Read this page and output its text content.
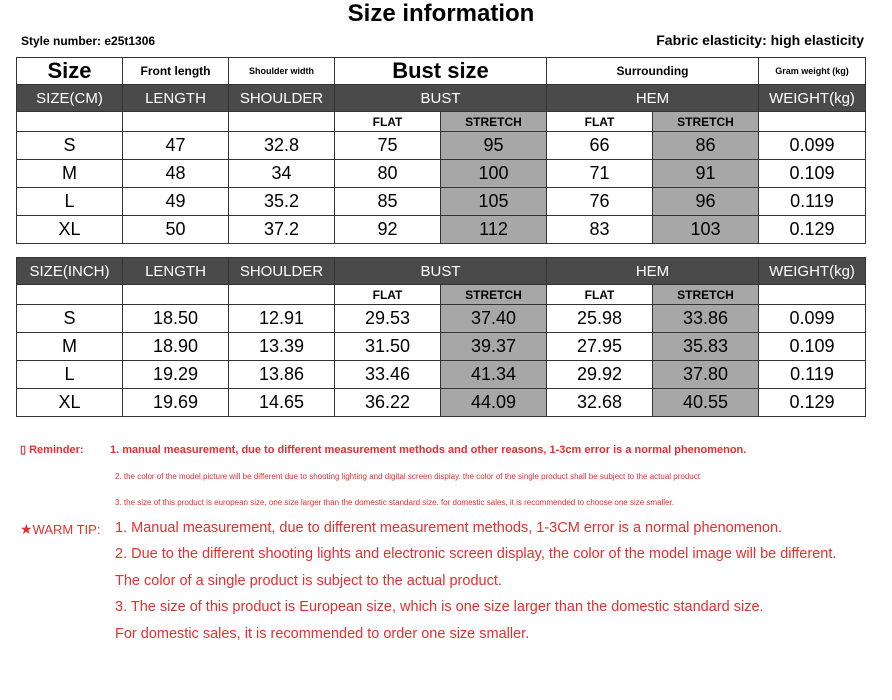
Size information
Style number: e25t1306	Fabric elasticity: high elasticity
Size	Front length	Shoulder width	Bust size		Surrounding		Gram weight (kg)
SIZE(CM)	LENGTH	SHOULDER	BUST		HEM		WEIGHT(kg)
			FLAT	STRETCH	FLAT	STRETCH	
S	47	32.8	75	95	66	86	0.099
M	48	34	80	100	71	91	0.109
L	49	35.2	85	105	76	96	0.119
XL	50	37.2	92	112	83	103	0.129
SIZE(INCH)	LENGTH	SHOULDER	BUST		HEM		WEIGHT(kg)
			FLAT	STRETCH	FLAT	STRETCH	
S	18.50	12.91	29.53	37.40	25.98	33.86	0.099
M	18.90	13.39	31.50	39.37	27.95	35.83	0.109
L	19.29	13.86	33.46	41.34	29.92	37.80	0.119
XL	19.69	14.65	36.22	44.09	32.68	40.55	0.129
▯ Reminder: 1. manual measurement, due to different measurement methods and other reasons, 1-3cm error is a normal phenomenon.
2. the color of the model picture will be different due to shooting lighting and digital screen display. the color of the single product shall be subject to the actual product
3. the size of this product is european size, one size larger than the domestic standard size. for domestic sales, it is recommended to choose one size smaller.
★WARM TIP: 1. Manual measurement, due to different measurement methods, 1-3CM error is a normal phenomenon.
2. Due to the different shooting lights and electronic screen display, the color of the model image will be different.
The color of a single product is subject to the actual product.
3. The size of this product is European size, which is one size larger than the domestic standard size.
For domestic sales, it is recommended to order one size smaller.
